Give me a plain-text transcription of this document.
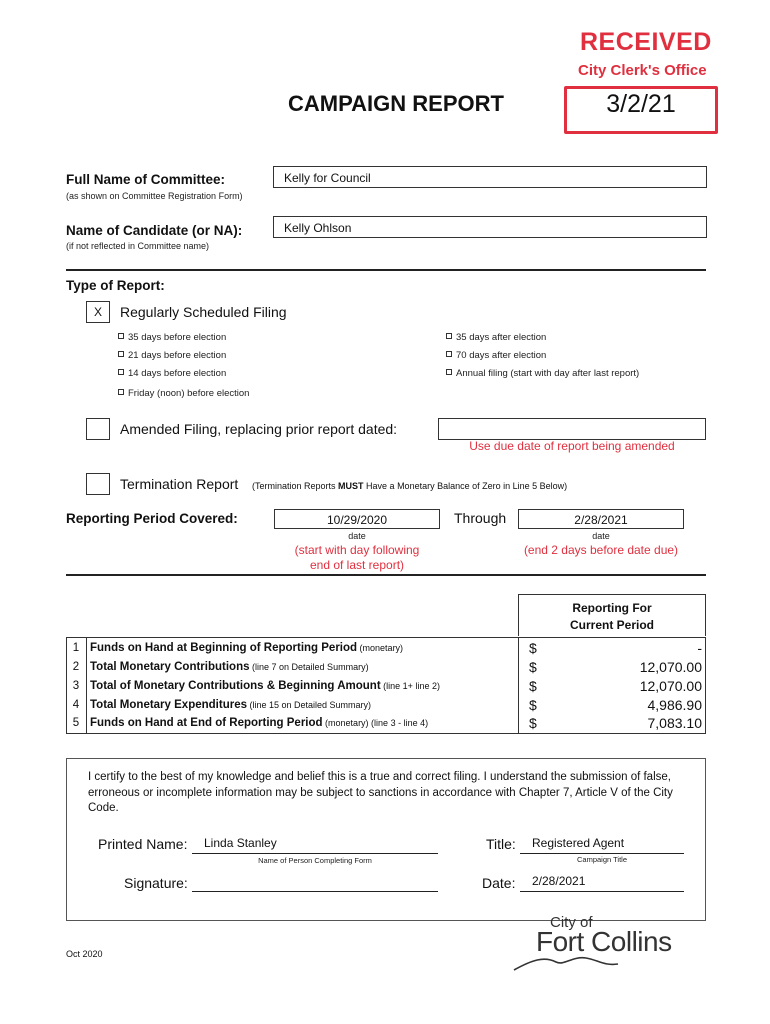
RECEIVED
City Clerk's Office
3/2/21
CAMPAIGN REPORT
Full Name of Committee:
(as shown on Committee Registration Form)
Kelly for Council
Name of Candidate (or NA):
(if not reflected in Committee name)
Kelly Ohlson
Type of Report:
X	Regularly Scheduled Filing
35 days before election
21 days before election
14 days before election
Friday (noon) before election
35 days after election
70 days after election
Annual filing (start with day after last report)
Amended Filing, replacing prior report dated:
Use due date of report being amended
Termination Report (Termination Reports MUST Have a Monetary Balance of Zero in Line 5 Below)
Reporting Period Covered:	10/29/2020
date
(start with day following
end of last report)
Through	2/28/2021
date
(end 2 days before date due)
Reporting For
Current Period
1 Funds on Hand at Beginning of Reporting Period (monetary)	$	-
2 Total Monetary Contributions (line 7 on Detailed Summary)	$	12,070.00
3 Total of Monetary Contributions & Beginning Amount (line 1+ line 2)	$	12,070.00
4 Total Monetary Expenditures (line 15 on Detailed Summary)	$	4,986.90
5 Funds on Hand at End of Reporting Period (monetary) (line 3 - line 4)	$	7,083.10
I certify to the best of my knowledge and belief this is a true and correct filing. I understand the submission of false, erroneous or incomplete information may be subject to sanctions in accordance with Chapter 7, Article V of the City Code.
Printed Name:	Linda Stanley
Name of Person Completing Form
Title:	Registered Agent
Campaign Title
Signature:	Date:	2/28/2021
Oct 2020
City of
Fort Collins
